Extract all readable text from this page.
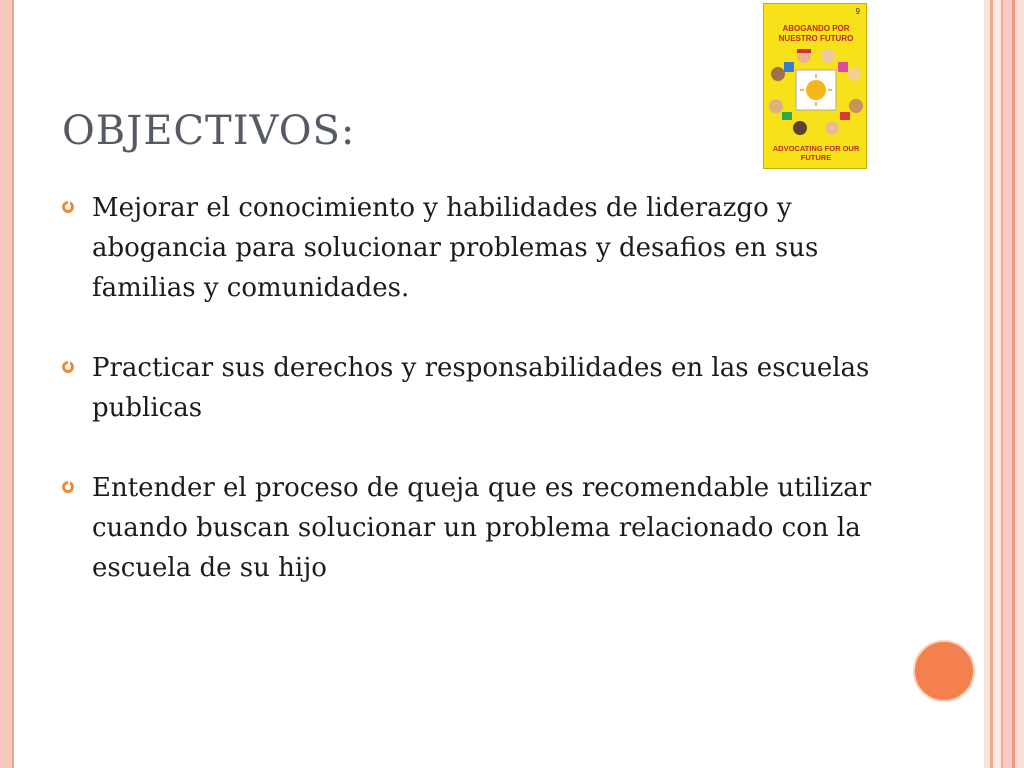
OBJECTIVOS:
9
ABOGANDO POR NUESTRO FUTURO
ADVOCATING FOR OUR FUTURE
Mejorar el conocimiento y habilidades de liderazgo y abogancia para solucionar problemas y desafios en sus familias y comunidades.
Practicar sus derechos y responsabilidades en las escuelas publicas
Entender el proceso de queja que es recomendable utilizar cuando buscan solucionar un problema relacionado con la escuela de su hijo
